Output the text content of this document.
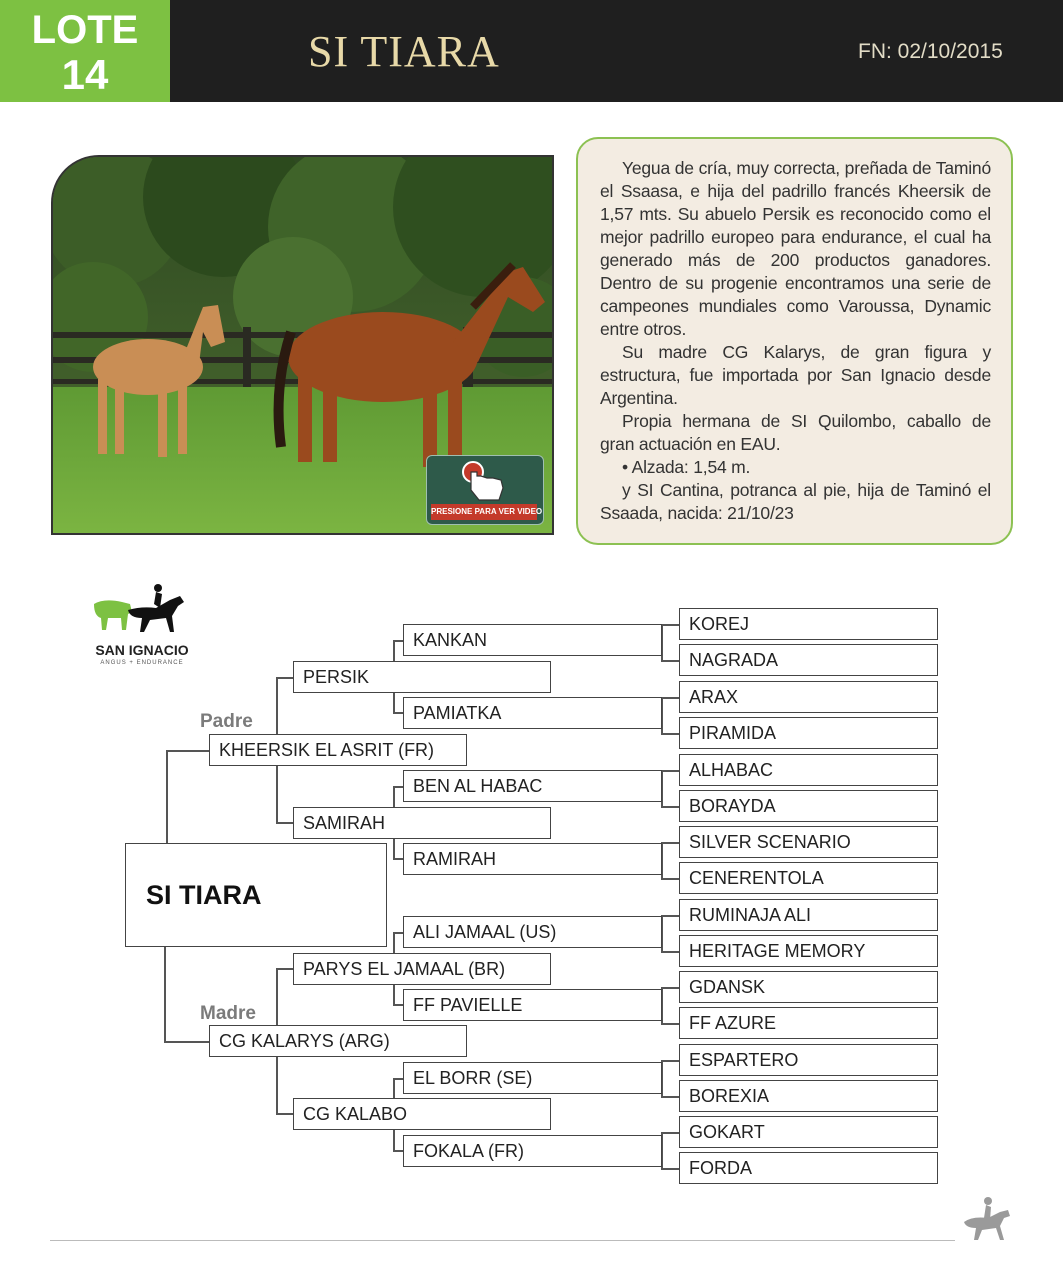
LOTE
14	SI TIARA	FN: 02/10/2015
PRESIONE PARA VER VIDEO

Yegua de cría, muy correcta, preñada de Taminó el Ssaasa, e hija del padrillo francés Kheersik de 1,57 mts. Su abuelo Persik es reconocido como el mejor padrillo europeo para endurance, el cual ha generado más de 200 productos ganadores. Dentro de su progenie encontramos una serie de campeones mundiales como Varoussa, Dynamic entre otros.

Su madre CG Kalarys, de gran figura y estructura, fue importada por San Ignacio desde Argentina.

Propia hermana de SI Quilombo, caballo de gran actuación en EAU.

• Alzada: 1,54 m.

y SI Cantina, potranca al pie, hija de Taminó el Ssaada, nacida: 21/10/23

SAN IGNACIO
ANGUS + ENDURANCE
Padre
Madre
SI TIARA
KHEERSIK EL ASRIT (FR)
CG KALARYS (ARG)
PERSIK
SAMIRAH
PARYS EL JAMAAL (BR)
CG KALABO
KANKAN
PAMIATKA
BEN AL HABAC
RAMIRAH
ALI JAMAAL (US)
FF PAVIELLE
EL BORR (SE)
FOKALA (FR)
KOREJ
NAGRADA
ARAX
PIRAMIDA
ALHABAC
BORAYDA
SILVER SCENARIO
CENERENTOLA
RUMINAJA ALI
HERITAGE MEMORY
GDANSK
FF AZURE
ESPARTERO
BOREXIA
GOKART
FORDA
